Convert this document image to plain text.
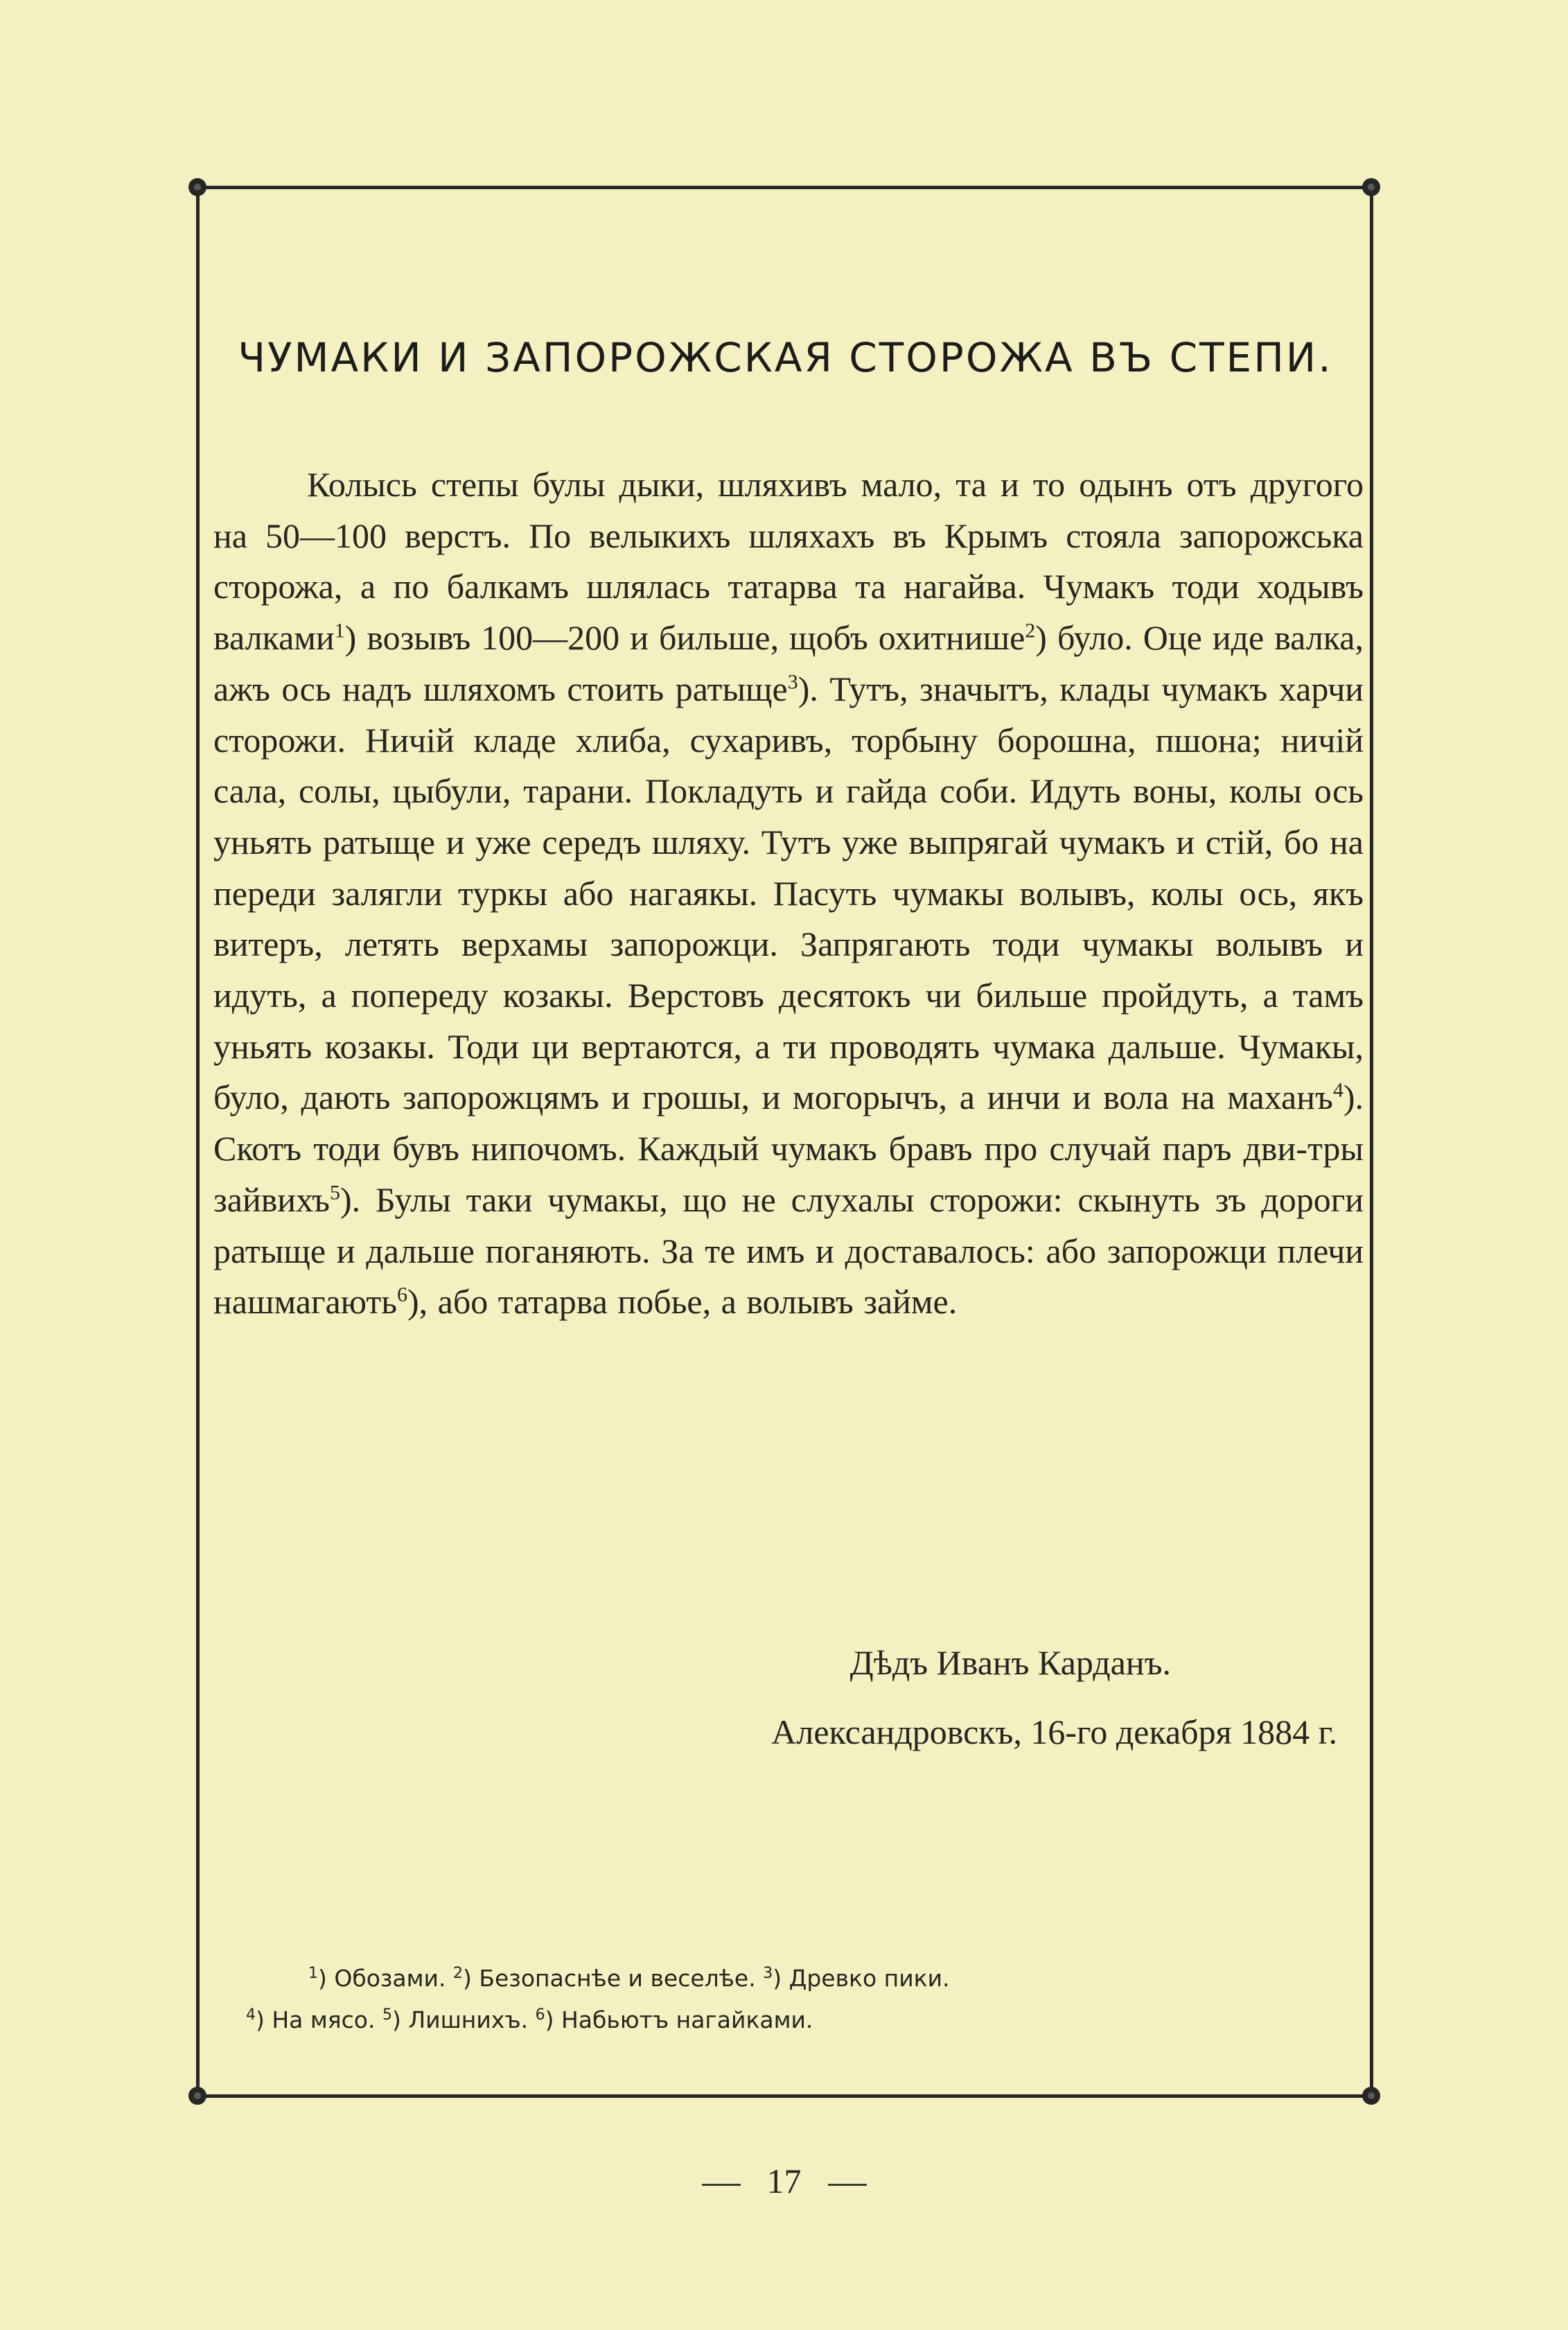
ЧУМАКИ И ЗАПОРОЖСКАЯ СТОРОЖА ВЪ СТЕПИ.
Колысь степы булы дыки, шляхивъ мало, та и то одынъ отъ другого на 50—100 верстъ. По велыкихъ шляхахъ въ Крымъ стояла запорожська сторожа, а по балкамъ шлялась татарва та нагайва. Чумакъ тоди ходывъ валками$^1$) возывъ 100—200 и бильше, щобъ охитнише$^2$) було. Оце иде валка, ажъ ось надъ шляхомъ стоить ратыще$^3$). Тутъ, значытъ, клады чумакъ харчи сторожи. Ничій кладе хлиба, сухаривъ, торбыну борошна, пшона; ничій сала, солы, цыбули, тарани. Покладуть и гайда соби. Идуть воны, колы ось уньять ратыще и уже середъ шляху. Тутъ уже выпрягай чумакъ и стій, бо на переди залягли туркы або нагаякы. Пасуть чумакы волывъ, колы ось, якъ витеръ, летять верхамы запорожци. Запрягають тоди чумакы волывъ и идуть, а попереду козакы. Верстовъ десятокъ чи бильше пройдуть, а тамъ уньять козакы. Тоди ци вертаются, а ти проводять чумака дальше. Чумакы, було, дають запорожцямъ и грошы, и могорычъ, а инчи и вола на маханъ$^4$). Скотъ тоди бувъ нипочомъ. Каждый чумакъ бравъ про случай паръ дви-тры зайвихъ$^5$). Булы таки чумакы, що не слухалы сторожи: скынуть зъ дороги ратыще и дальше поганяють. За те имъ и доставалось: або запорожци плечи нашмагають$^6$), або татарва побье, а волывъ займе.
Дѣдъ Иванъ Карданъ.
Александровскъ, 16-го декабря 1884 г.
$^1$) Обозами. $^2$) Безопаснѣе и веселѣе. $^3$) Древко пики.
$^4$) На мясо. $^5$) Лишнихъ. $^6$) Набьютъ нагайками.
17
